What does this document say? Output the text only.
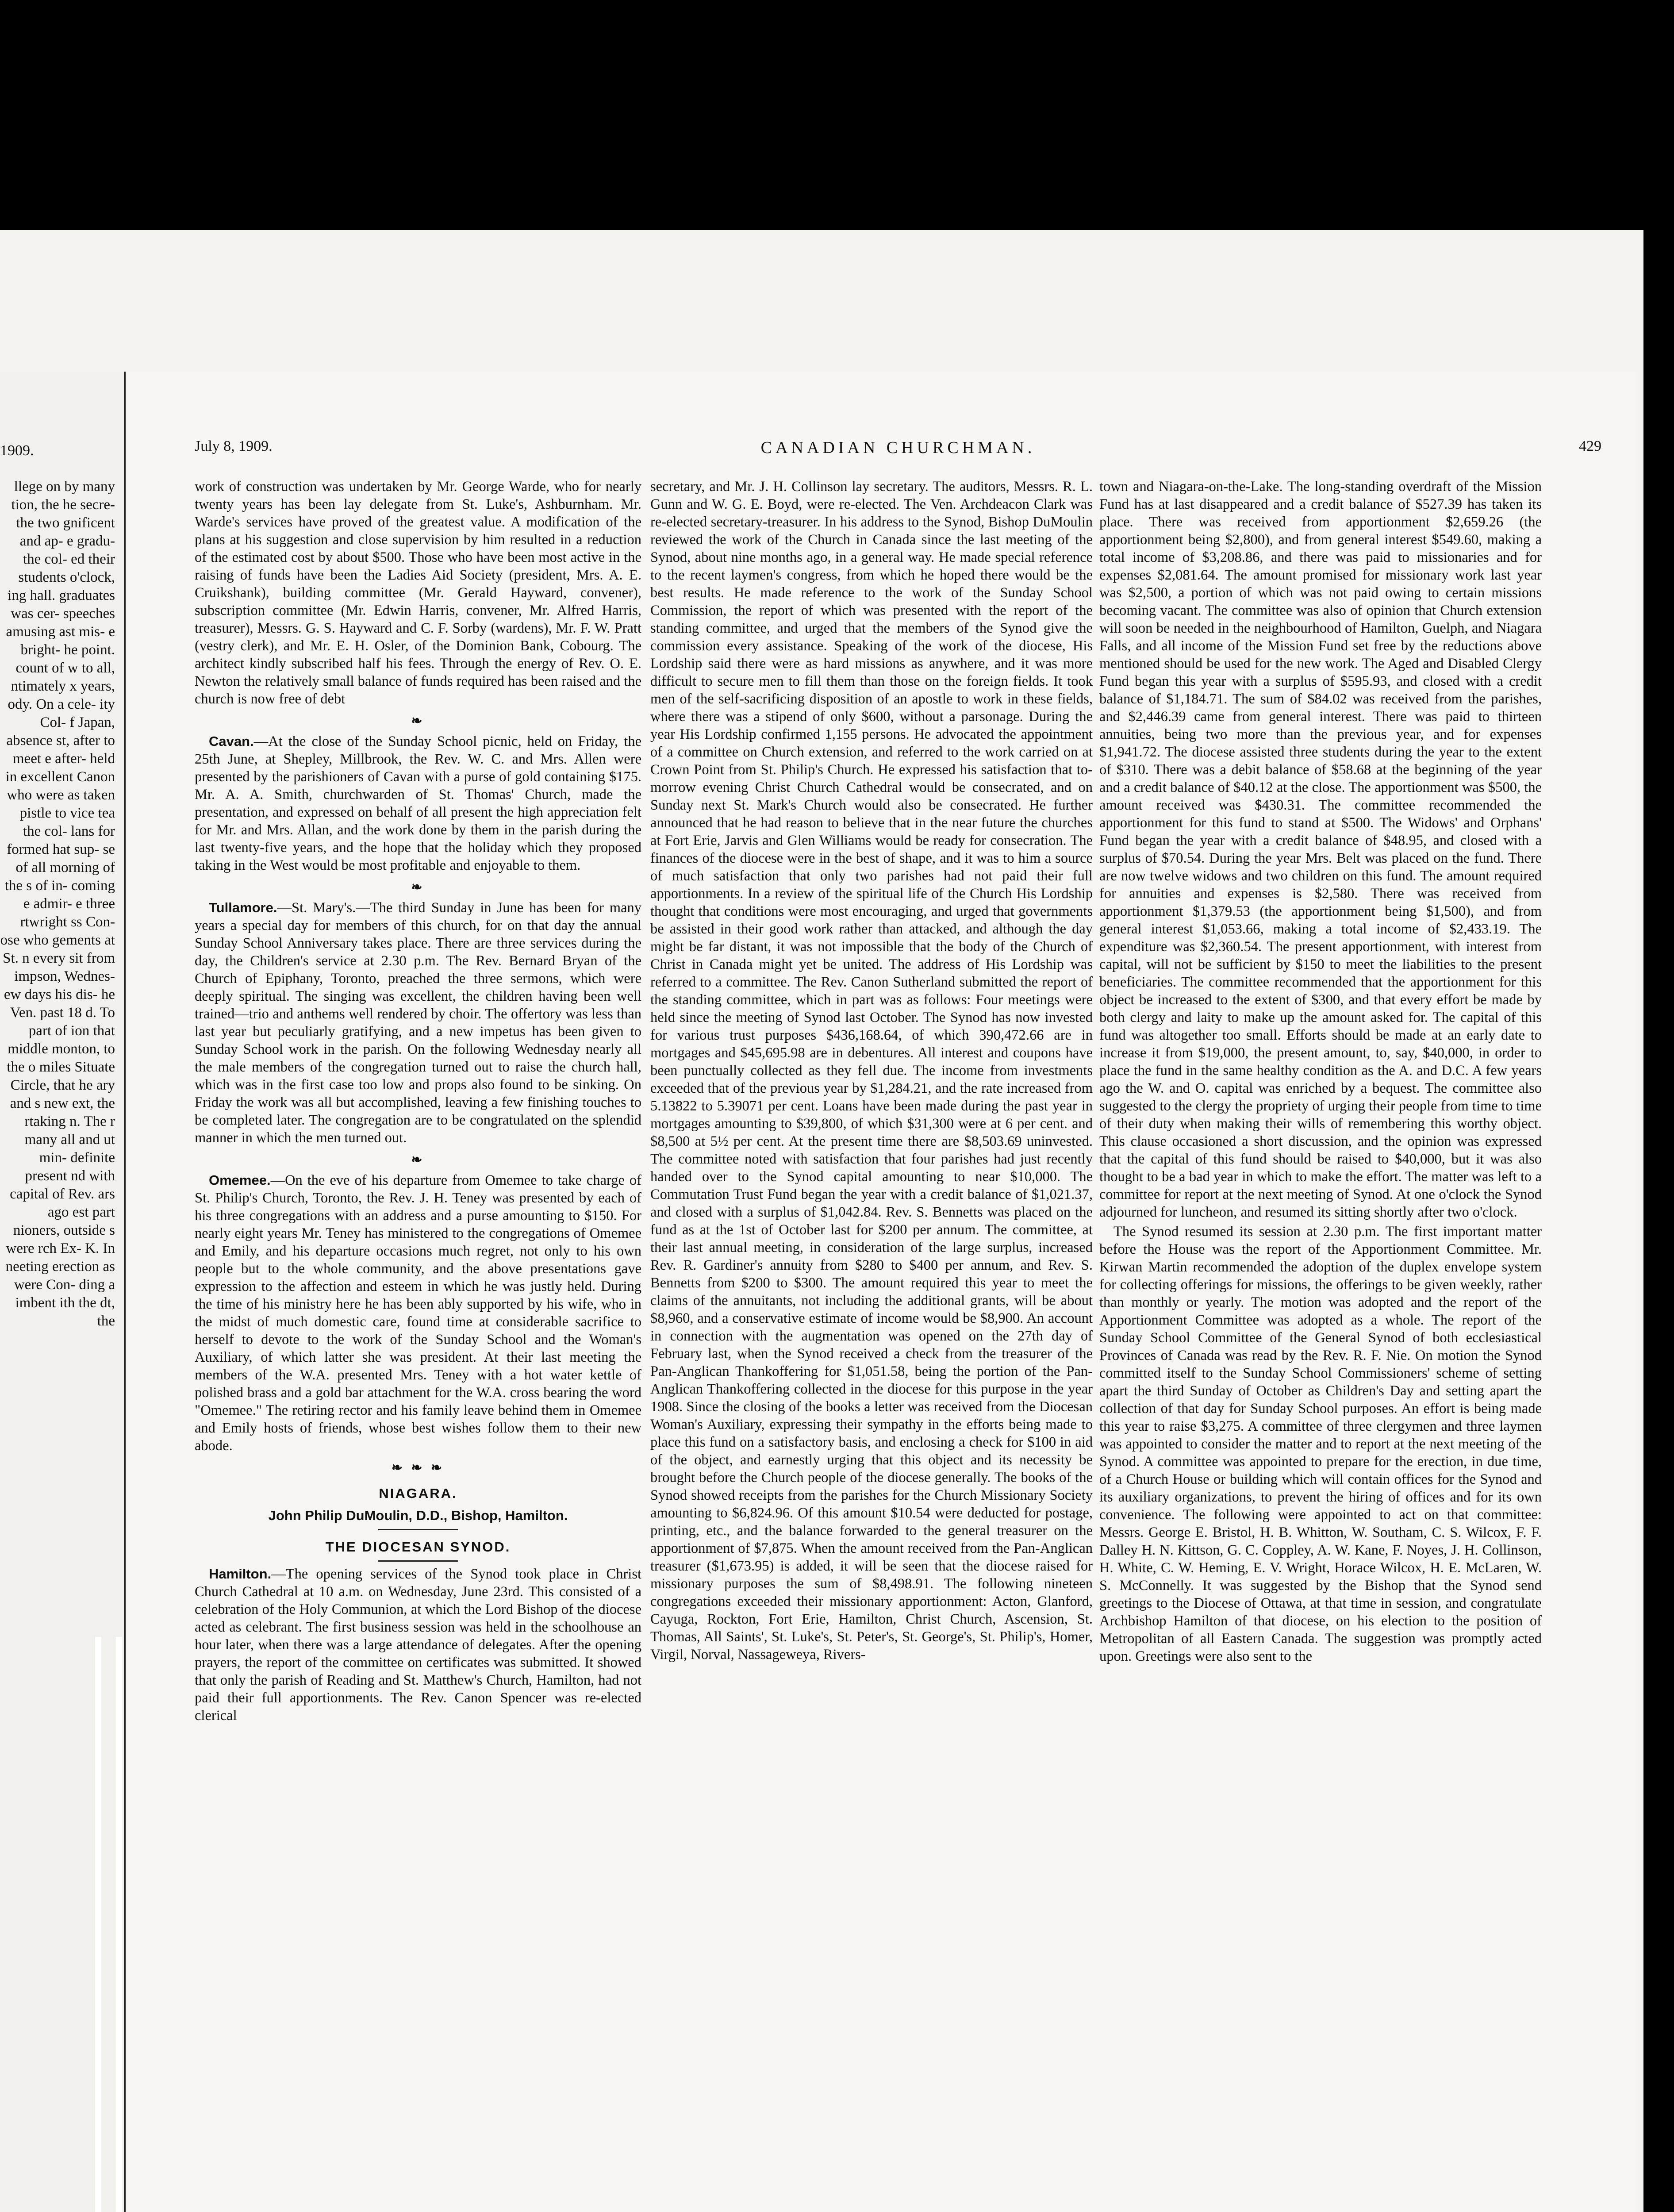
1909.

llege on by many tion, the he secre- the two gnificent and ap- e gradu- the col- ed their students o'clock, ing hall. graduates was cer- speeches amusing ast mis- e bright- he point. count of w to all, ntimately x years, ody. On a cele- ity Col- f Japan, absence st, after to meet e after- held in excellent Canon who were as taken pistle to vice tea the col- lans for formed hat sup- se of all morning of the s of in- coming e admir- e three rtwright ss Con- ose who gements at St. n every sit from impson, Wednes- ew days his dis- he Ven. past 18 d. To part of ion that middle monton, to the o miles Situate Circle, that he ary and s new ext, the rtaking n. The r many all and ut min- definite present nd with capital of Rev. ars ago est part nioners, outside s were rch Ex- K. In neeting erection as were Con- ding a imbent ith the dt, the

July 8, 1909.	CANADIAN CHURCHMAN.	429

work of construction was undertaken by Mr. George Warde, who for nearly twenty years has been lay delegate from St. Luke's, Ashburnham. Mr. Warde's services have proved of the greatest value. A modification of the plans at his suggestion and close supervision by him resulted in a reduction of the estimated cost by about $500. Those who have been most active in the raising of funds have been the Ladies Aid Society (president, Mrs. A. E. Cruikshank), building committee (Mr. Gerald Hayward, convener), subscription committee (Mr. Edwin Harris, convener, Mr. Alfred Harris, treasurer), Messrs. G. S. Hayward and C. F. Sorby (wardens), Mr. F. W. Pratt (vestry clerk), and Mr. E. H. Osler, of the Dominion Bank, Cobourg. The architect kindly subscribed half his fees. Through the energy of Rev. O. E. Newton the relatively small balance of funds required has been raised and the church is now free of debt

❧

Cavan.—At the close of the Sunday School picnic, held on Friday, the 25th June, at Shepley, Millbrook, the Rev. W. C. and Mrs. Allen were presented by the parishioners of Cavan with a purse of gold containing $175. Mr. A. A. Smith, churchwarden of St. Thomas' Church, made the presentation, and expressed on behalf of all present the high appreciation felt for Mr. and Mrs. Allan, and the work done by them in the parish during the last twenty-five years, and the hope that the holiday which they proposed taking in the West would be most profitable and enjoyable to them.

❧

Tullamore.—St. Mary's.—The third Sunday in June has been for many years a special day for members of this church, for on that day the annual Sunday School Anniversary takes place. There are three services during the day, the Children's service at 2.30 p.m. The Rev. Bernard Bryan of the Church of Epiphany, Toronto, preached the three sermons, which were deeply spiritual. The singing was excellent, the children having been well trained—trio and anthems well rendered by choir. The offertory was less than last year but peculiarly gratifying, and a new impetus has been given to Sunday School work in the parish. On the following Wednesday nearly all the male members of the congregation turned out to raise the church hall, which was in the first case too low and props also found to be sinking. On Friday the work was all but accomplished, leaving a few finishing touches to be completed later. The congregation are to be congratulated on the splendid manner in which the men turned out.

❧

Omemee.—On the eve of his departure from Omemee to take charge of St. Philip's Church, Toronto, the Rev. J. H. Teney was presented by each of his three congregations with an address and a purse amounting to $150. For nearly eight years Mr. Teney has ministered to the congregations of Omemee and Emily, and his departure occasions much regret, not only to his own people but to the whole community, and the above presentations gave expression to the affection and esteem in which he was justly held. During the time of his ministry here he has been ably supported by his wife, who in the midst of much domestic care, found time at considerable sacrifice to herself to devote to the work of the Sunday School and the Woman's Auxiliary, of which latter she was president. At their last meeting the members of the W.A. presented Mrs. Teney with a hot water kettle of polished brass and a gold bar attachment for the W.A. cross bearing the word "Omemee." The retiring rector and his family leave behind them in Omemee and Emily hosts of friends, whose best wishes follow them to their new abode.

❧ ❧ ❧
NIAGARA.
John Philip DuMoulin, D.D., Bishop, Hamilton.
THE DIOCESAN SYNOD.

Hamilton.—The opening services of the Synod took place in Christ Church Cathedral at 10 a.m. on Wednesday, June 23rd. This consisted of a celebration of the Holy Communion, at which the Lord Bishop of the diocese acted as celebrant. The first business session was held in the schoolhouse an hour later, when there was a large attendance of delegates. After the opening prayers, the report of the committee on certificates was submitted. It showed that only the parish of Reading and St. Matthew's Church, Hamilton, had not paid their full apportionments. The Rev. Canon Spencer was re-elected clerical

secretary, and Mr. J. H. Collinson lay secretary. The auditors, Messrs. R. L. Gunn and W. G. E. Boyd, were re-elected. The Ven. Archdeacon Clark was re-elected secretary-treasurer. In his address to the Synod, Bishop DuMoulin reviewed the work of the Church in Canada since the last meeting of the Synod, about nine months ago, in a general way. He made special reference to the recent laymen's congress, from which he hoped there would be the best results. He made reference to the work of the Sunday School Commission, the report of which was presented with the report of the standing committee, and urged that the members of the Synod give the commission every assistance. Speaking of the work of the diocese, His Lordship said there were as hard missions as anywhere, and it was more difficult to secure men to fill them than those on the foreign fields. It took men of the self-sacrificing disposition of an apostle to work in these fields, where there was a stipend of only $600, without a parsonage. During the year His Lordship confirmed 1,155 persons. He advocated the appointment of a committee on Church extension, and referred to the work carried on at Crown Point from St. Philip's Church. He expressed his satisfaction that to-morrow evening Christ Church Cathedral would be consecrated, and on Sunday next St. Mark's Church would also be consecrated. He further announced that he had reason to believe that in the near future the churches at Fort Erie, Jarvis and Glen Williams would be ready for consecration. The finances of the diocese were in the best of shape, and it was to him a source of much satisfaction that only two parishes had not paid their full apportionments. In a review of the spiritual life of the Church His Lordship thought that conditions were most encouraging, and urged that governments be assisted in their good work rather than attacked, and although the day might be far distant, it was not impossible that the body of the Church of Christ in Canada might yet be united. The address of His Lordship was referred to a committee. The Rev. Canon Sutherland submitted the report of the standing committee, which in part was as follows: Four meetings were held since the meeting of Synod last October. The Synod has now invested for various trust purposes $436,168.64, of which 390,472.66 are in mortgages and $45,695.98 are in debentures. All interest and coupons have been punctually collected as they fell due. The income from investments exceeded that of the previous year by $1,284.21, and the rate increased from 5.13822 to 5.39071 per cent. Loans have been made during the past year in mortgages amounting to $39,800, of which $31,300 were at 6 per cent. and $8,500 at 5½ per cent. At the present time there are $8,503.69 uninvested. The committee noted with satisfaction that four parishes had just recently handed over to the Synod capital amounting to near $10,000. The Commutation Trust Fund began the year with a credit balance of $1,021.37, and closed with a surplus of $1,042.84. Rev. S. Bennetts was placed on the fund as at the 1st of October last for $200 per annum. The committee, at their last annual meeting, in consideration of the large surplus, increased Rev. R. Gardiner's annuity from $280 to $400 per annum, and Rev. S. Bennetts from $200 to $300. The amount required this year to meet the claims of the annuitants, not including the additional grants, will be about $8,960, and a conservative estimate of income would be $8,900. An account in connection with the augmentation was opened on the 27th day of February last, when the Synod received a check from the treasurer of the Pan-Anglican Thankoffering for $1,051.58, being the portion of the Pan-Anglican Thankoffering collected in the diocese for this purpose in the year 1908. Since the closing of the books a letter was received from the Diocesan Woman's Auxiliary, expressing their sympathy in the efforts being made to place this fund on a satisfactory basis, and enclosing a check for $100 in aid of the object, and earnestly urging that this object and its necessity be brought before the Church people of the diocese generally. The books of the Synod showed receipts from the parishes for the Church Missionary Society amounting to $6,824.96. Of this amount $10.54 were deducted for postage, printing, etc., and the balance forwarded to the general treasurer on the apportionment of $7,875. When the amount received from the Pan-Anglican treasurer ($1,673.95) is added, it will be seen that the diocese raised for missionary purposes the sum of $8,498.91. The following nineteen congregations exceeded their missionary apportionment: Acton, Glanford, Cayuga, Rockton, Fort Erie, Hamilton, Christ Church, Ascension, St. Thomas, All Saints', St. Luke's, St. Peter's, St. George's, St. Philip's, Homer, Virgil, Norval, Nassageweya, Rivers-

town and Niagara-on-the-Lake. The long-standing overdraft of the Mission Fund has at last disappeared and a credit balance of $527.39 has taken its place. There was received from apportionment $2,659.26 (the apportionment being $2,800), and from general interest $549.60, making a total income of $3,208.86, and there was paid to missionaries and for expenses $2,081.64. The amount promised for missionary work last year was $2,500, a portion of which was not paid owing to certain missions becoming vacant. The committee was also of opinion that Church extension will soon be needed in the neighbourhood of Hamilton, Guelph, and Niagara Falls, and all income of the Mission Fund set free by the reductions above mentioned should be used for the new work. The Aged and Disabled Clergy Fund began this year with a surplus of $595.93, and closed with a credit balance of $1,184.71. The sum of $84.02 was received from the parishes, and $2,446.39 came from general interest. There was paid to thirteen annuities, being two more than the previous year, and for expenses $1,941.72. The diocese assisted three students during the year to the extent of $310. There was a debit balance of $58.68 at the beginning of the year and a credit balance of $40.12 at the close. The apportionment was $500, the amount received was $430.31. The committee recommended the apportionment for this fund to stand at $500. The Widows' and Orphans' Fund began the year with a credit balance of $48.95, and closed with a surplus of $70.54. During the year Mrs. Belt was placed on the fund. There are now twelve widows and two children on this fund. The amount required for annuities and expenses is $2,580. There was received from apportionment $1,379.53 (the apportionment being $1,500), and from general interest $1,053.66, making a total income of $2,433.19. The expenditure was $2,360.54. The present apportionment, with interest from capital, will not be sufficient by $150 to meet the liabilities to the present beneficiaries. The committee recommended that the apportionment for this object be increased to the extent of $300, and that every effort be made by both clergy and laity to make up the amount asked for. The capital of this fund was altogether too small. Efforts should be made at an early date to increase it from $19,000, the present amount, to, say, $40,000, in order to place the fund in the same healthy condition as the A. and D.C. A few years ago the W. and O. capital was enriched by a bequest. The committee also suggested to the clergy the propriety of urging their people from time to time of their duty when making their wills of remembering this worthy object. This clause occasioned a short discussion, and the opinion was expressed that the capital of this fund should be raised to $40,000, but it was also thought to be a bad year in which to make the effort. The matter was left to a committee for report at the next meeting of Synod. At one o'clock the Synod adjourned for luncheon, and resumed its sitting shortly after two o'clock.

The Synod resumed its session at 2.30 p.m. The first important matter before the House was the report of the Apportionment Committee. Mr. Kirwan Martin recommended the adoption of the duplex envelope system for collecting offerings for missions, the offerings to be given weekly, rather than monthly or yearly. The motion was adopted and the report of the Apportionment Committee was adopted as a whole. The report of the Sunday School Committee of the General Synod of both ecclesiastical Provinces of Canada was read by the Rev. R. F. Nie. On motion the Synod committed itself to the Sunday School Commissioners' scheme of setting apart the third Sunday of October as Children's Day and setting apart the collection of that day for Sunday School purposes. An effort is being made this year to raise $3,275. A committee of three clergymen and three laymen was appointed to consider the matter and to report at the next meeting of the Synod. A committee was appointed to prepare for the erection, in due time, of a Church House or building which will contain offices for the Synod and its auxiliary organizations, to prevent the hiring of offices and for its own convenience. The following were appointed to act on that committee: Messrs. George E. Bristol, H. B. Whitton, W. Southam, C. S. Wilcox, F. F. Dalley H. N. Kittson, G. C. Coppley, A. W. Kane, F. Noyes, J. H. Collinson, H. White, C. W. Heming, E. V. Wright, Horace Wilcox, H. E. McLaren, W. S. McConnelly. It was suggested by the Bishop that the Synod send greetings to the Diocese of Ottawa, at that time in session, and congratulate Archbishop Hamilton of that diocese, on his election to the position of Metropolitan of all Eastern Canada. The suggestion was promptly acted upon. Greetings were also sent to the
